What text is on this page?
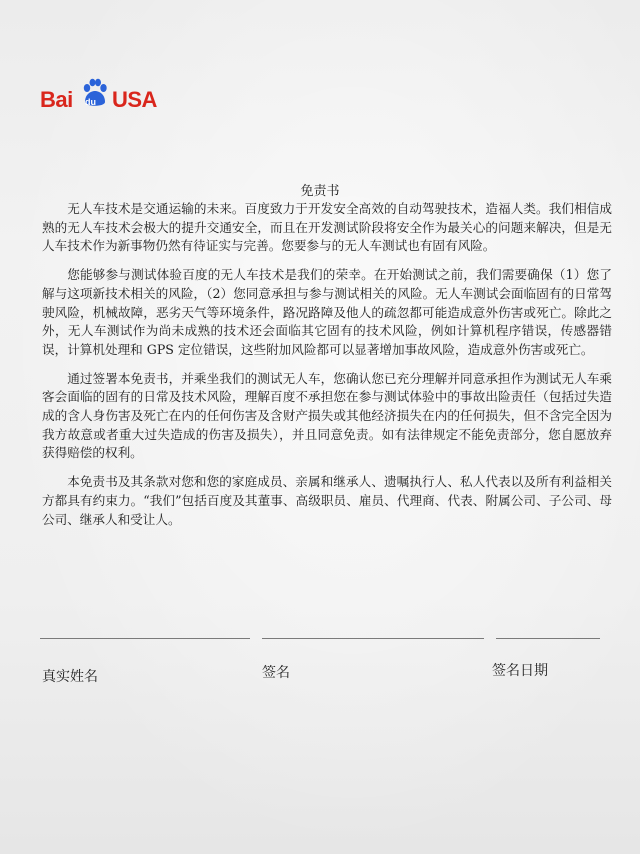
Bai du USA
免责书

无人车技术是交通运输的未来。百度致力于开发安全高效的自动驾驶技术，造福人类。我们相信成熟的无人车技术会极大的提升交通安全，而且在开发测试阶段将安全作为最关心的问题来解决，但是无人车技术作为新事物仍然有待证实与完善。您要参与的无人车测试也有固有风险。

您能够参与测试体验百度的无人车技术是我们的荣幸。在开始测试之前，我们需要确保（1）您了解与这项新技术相关的风险，（2）您同意承担与参与测试相关的风险。无人车测试会面临固有的日常驾驶风险，机械故障，恶劣天气等环境条件，路况路障及他人的疏忽都可能造成意外伤害或死亡。除此之外，无人车测试作为尚未成熟的技术还会面临其它固有的技术风险，例如计算机程序错误，传感器错误，计算机处理和 GPS 定位错误，这些附加风险都可以显著增加事故风险，造成意外伤害或死亡。

通过签署本免责书，并乘坐我们的测试无人车，您确认您已充分理解并同意承担作为测试无人车乘客会面临的固有的日常及技术风险，理解百度不承担您在参与测试体验中的事故出险责任（包括过失造成的含人身伤害及死亡在内的任何伤害及含财产损失或其他经济损失在内的任何损失，但不含完全因为我方故意或者重大过失造成的伤害及损失），并且同意免责。如有法律规定不能免责部分，您自愿放弃获得赔偿的权利。

本免责书及其条款对您和您的家庭成员、亲属和继承人、遗嘱执行人、私人代表以及所有利益相关方都具有约束力。“我们”包括百度及其董事、高级职员、雇员、代理商、代表、附属公司、子公司、母公司、继承人和受让人。

真实姓名	签名	签名日期
